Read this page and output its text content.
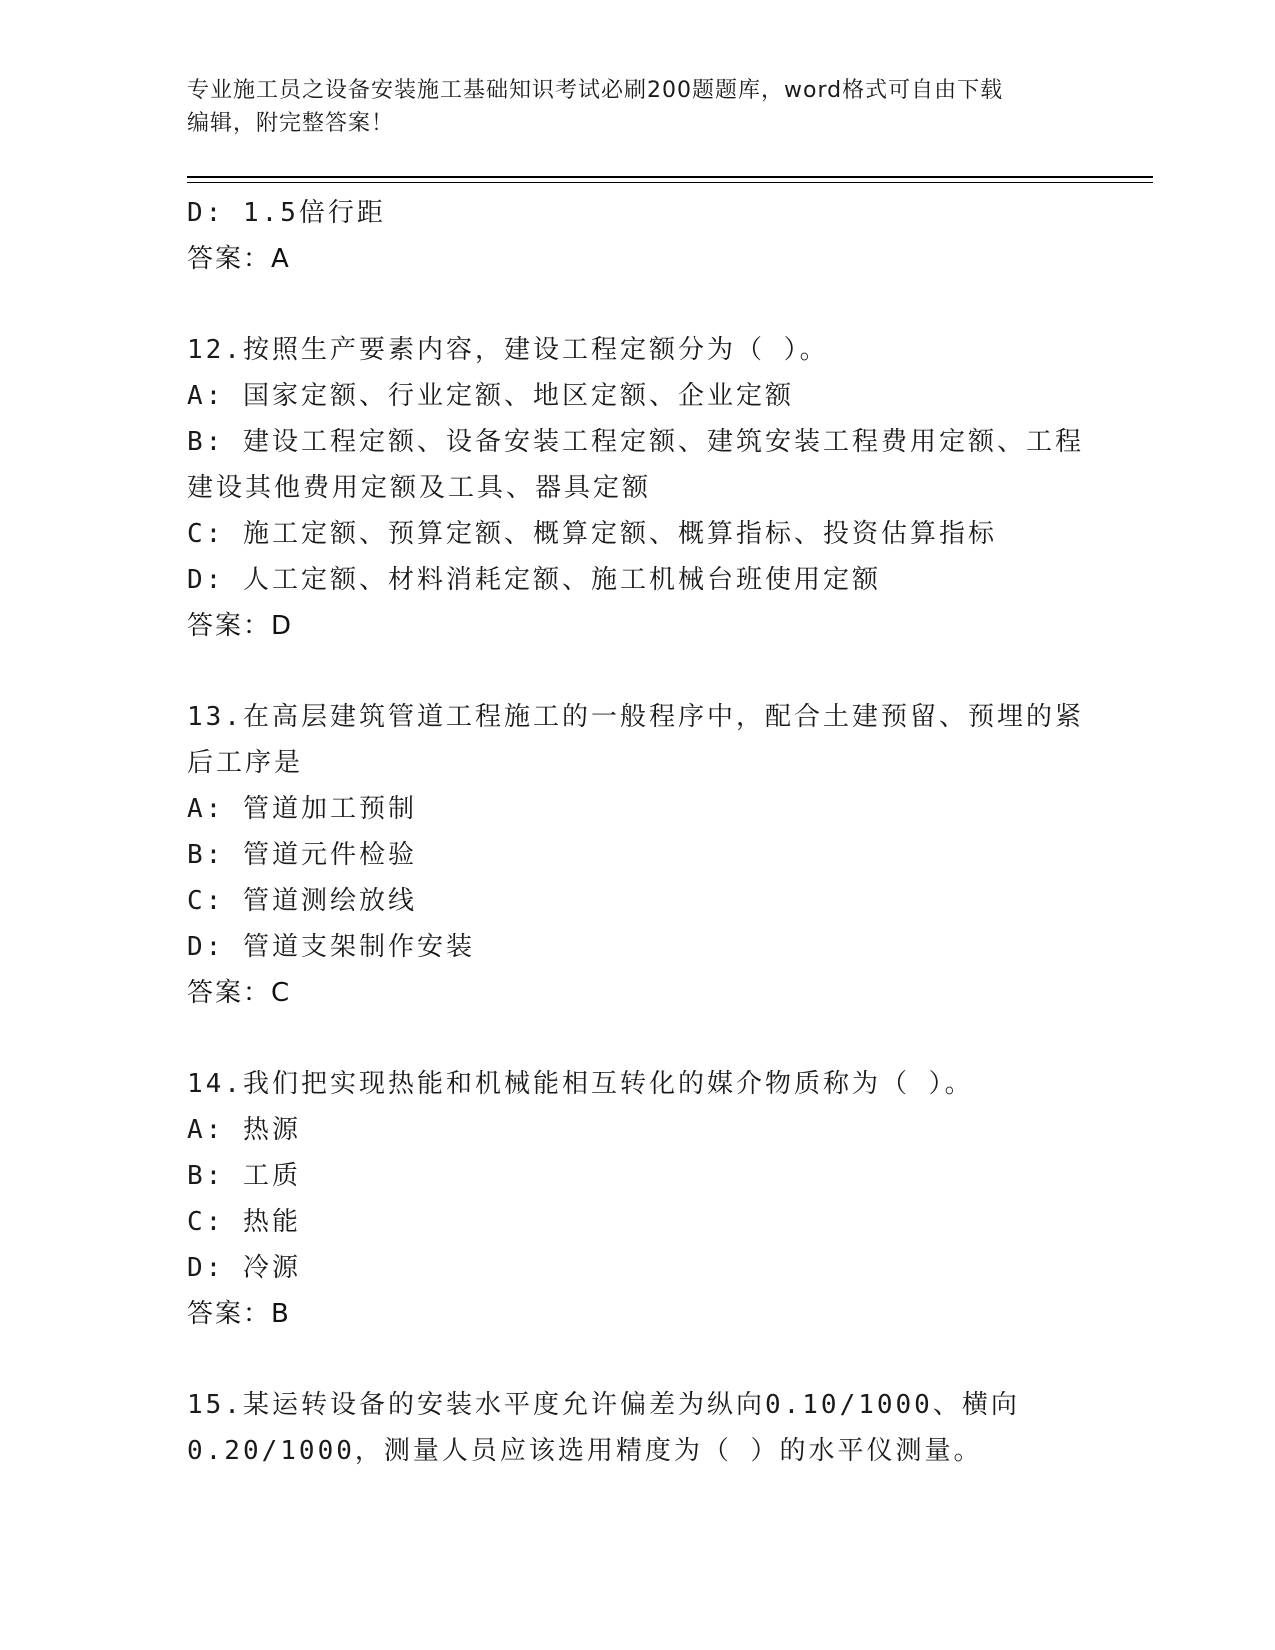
专业施工员之设备安装施工基础知识考试必刷200题题库，word格式可自由下载
编辑，附完整答案！
D: 1.5倍行距
答案：A
12.按照生产要素内容，建设工程定额分为（ ）。
A: 国家定额、行业定额、地区定额、企业定额
B: 建设工程定额、设备安装工程定额、建筑安装工程费用定额、工程
建设其他费用定额及工具、器具定额
C: 施工定额、预算定额、概算定额、概算指标、投资估算指标
D: 人工定额、材料消耗定额、施工机械台班使用定额
答案：D
13.在高层建筑管道工程施工的一般程序中，配合土建预留、预埋的紧
后工序是
A: 管道加工预制
B: 管道元件检验
C: 管道测绘放线
D: 管道支架制作安装
答案：C
14.我们把实现热能和机械能相互转化的媒介物质称为（ ）。
A: 热源
B: 工质
C: 热能
D: 冷源
答案：B
15.某运转设备的安装水平度允许偏差为纵向0.10/1000、横向
0.20/1000，测量人员应该选用精度为（ ）的水平仪测量。
